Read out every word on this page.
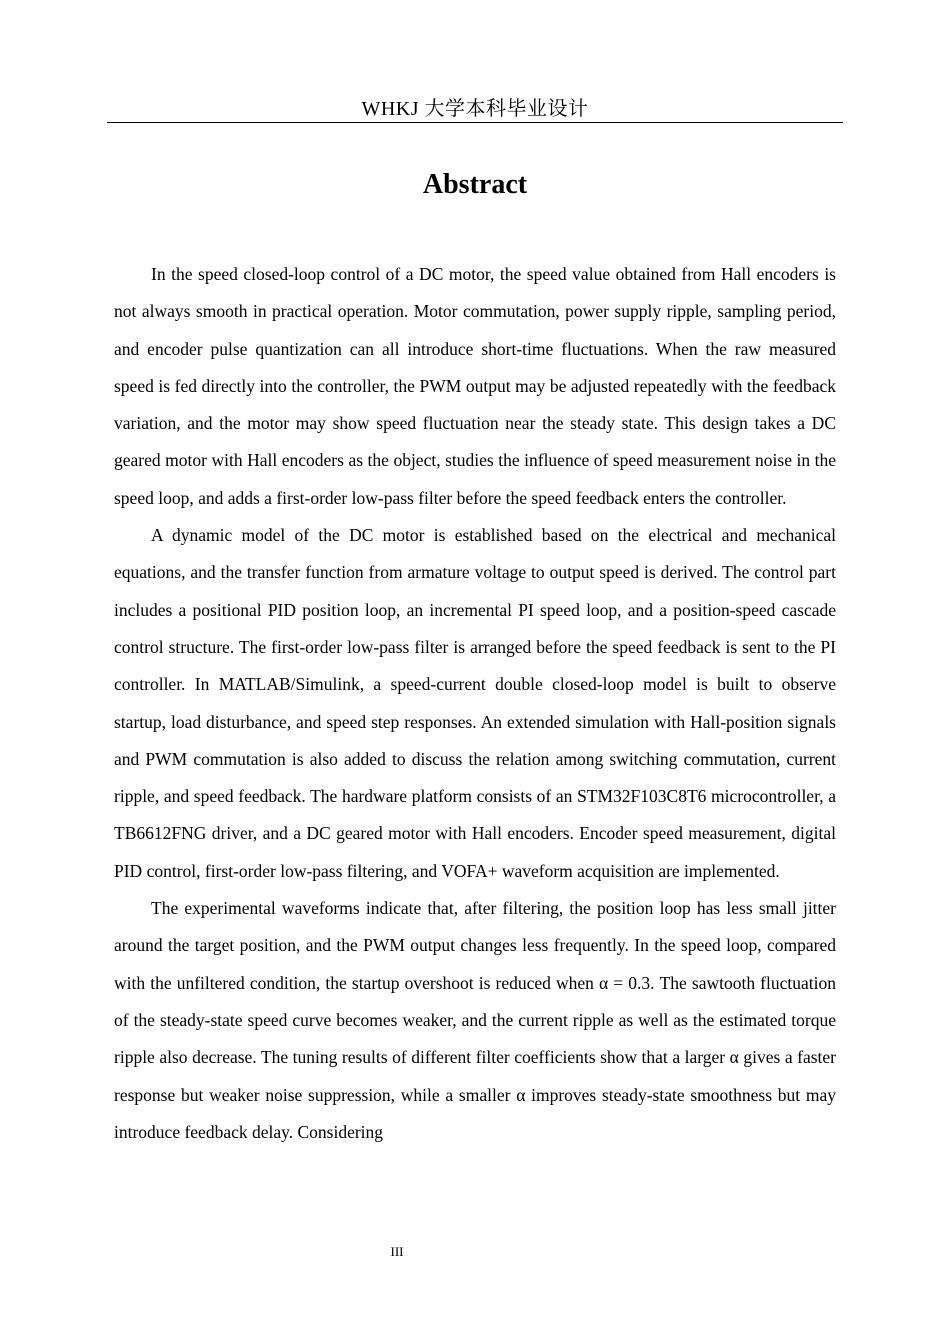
WHKJ 大学本科毕业设计
Abstract

In the speed closed-loop control of a DC motor, the speed value obtained from Hall encoders is not always smooth in practical operation. Motor commutation, power supply ripple, sampling period, and encoder pulse quantization can all introduce short-time fluctuations. When the raw measured speed is fed directly into the controller, the PWM output may be adjusted repeatedly with the feedback variation, and the motor may show speed fluctuation near the steady state. This design takes a DC geared motor with Hall encoders as the object, studies the influence of speed measurement noise in the speed loop, and adds a first-order low-pass filter before the speed feedback enters the controller.

A dynamic model of the DC motor is established based on the electrical and mechanical equations, and the transfer function from armature voltage to output speed is derived. The control part includes a positional PID position loop, an incremental PI speed loop, and a position-speed cascade control structure. The first-order low-pass filter is arranged before the speed feedback is sent to the PI controller. In MATLAB/Simulink, a speed-current double closed-loop model is built to observe startup, load disturbance, and speed step responses. An extended simulation with Hall-position signals and PWM commutation is also added to discuss the relation among switching commutation, current ripple, and speed feedback. The hardware platform consists of an STM32F103C8T6 microcontroller, a TB6612FNG driver, and a DC geared motor with Hall encoders. Encoder speed measurement, digital PID control, first-order low-pass filtering, and VOFA+ waveform acquisition are implemented.

The experimental waveforms indicate that, after filtering, the position loop has less small jitter around the target position, and the PWM output changes less frequently. In the speed loop, compared with the unfiltered condition, the startup overshoot is reduced when α = 0.3. The sawtooth fluctuation of the steady-state speed curve becomes weaker, and the current ripple as well as the estimated torque ripple also decrease. The tuning results of different filter coefficients show that a larger α gives a faster response but weaker noise suppression, while a smaller α improves steady-state smoothness but may introduce feedback delay. Considering

III
